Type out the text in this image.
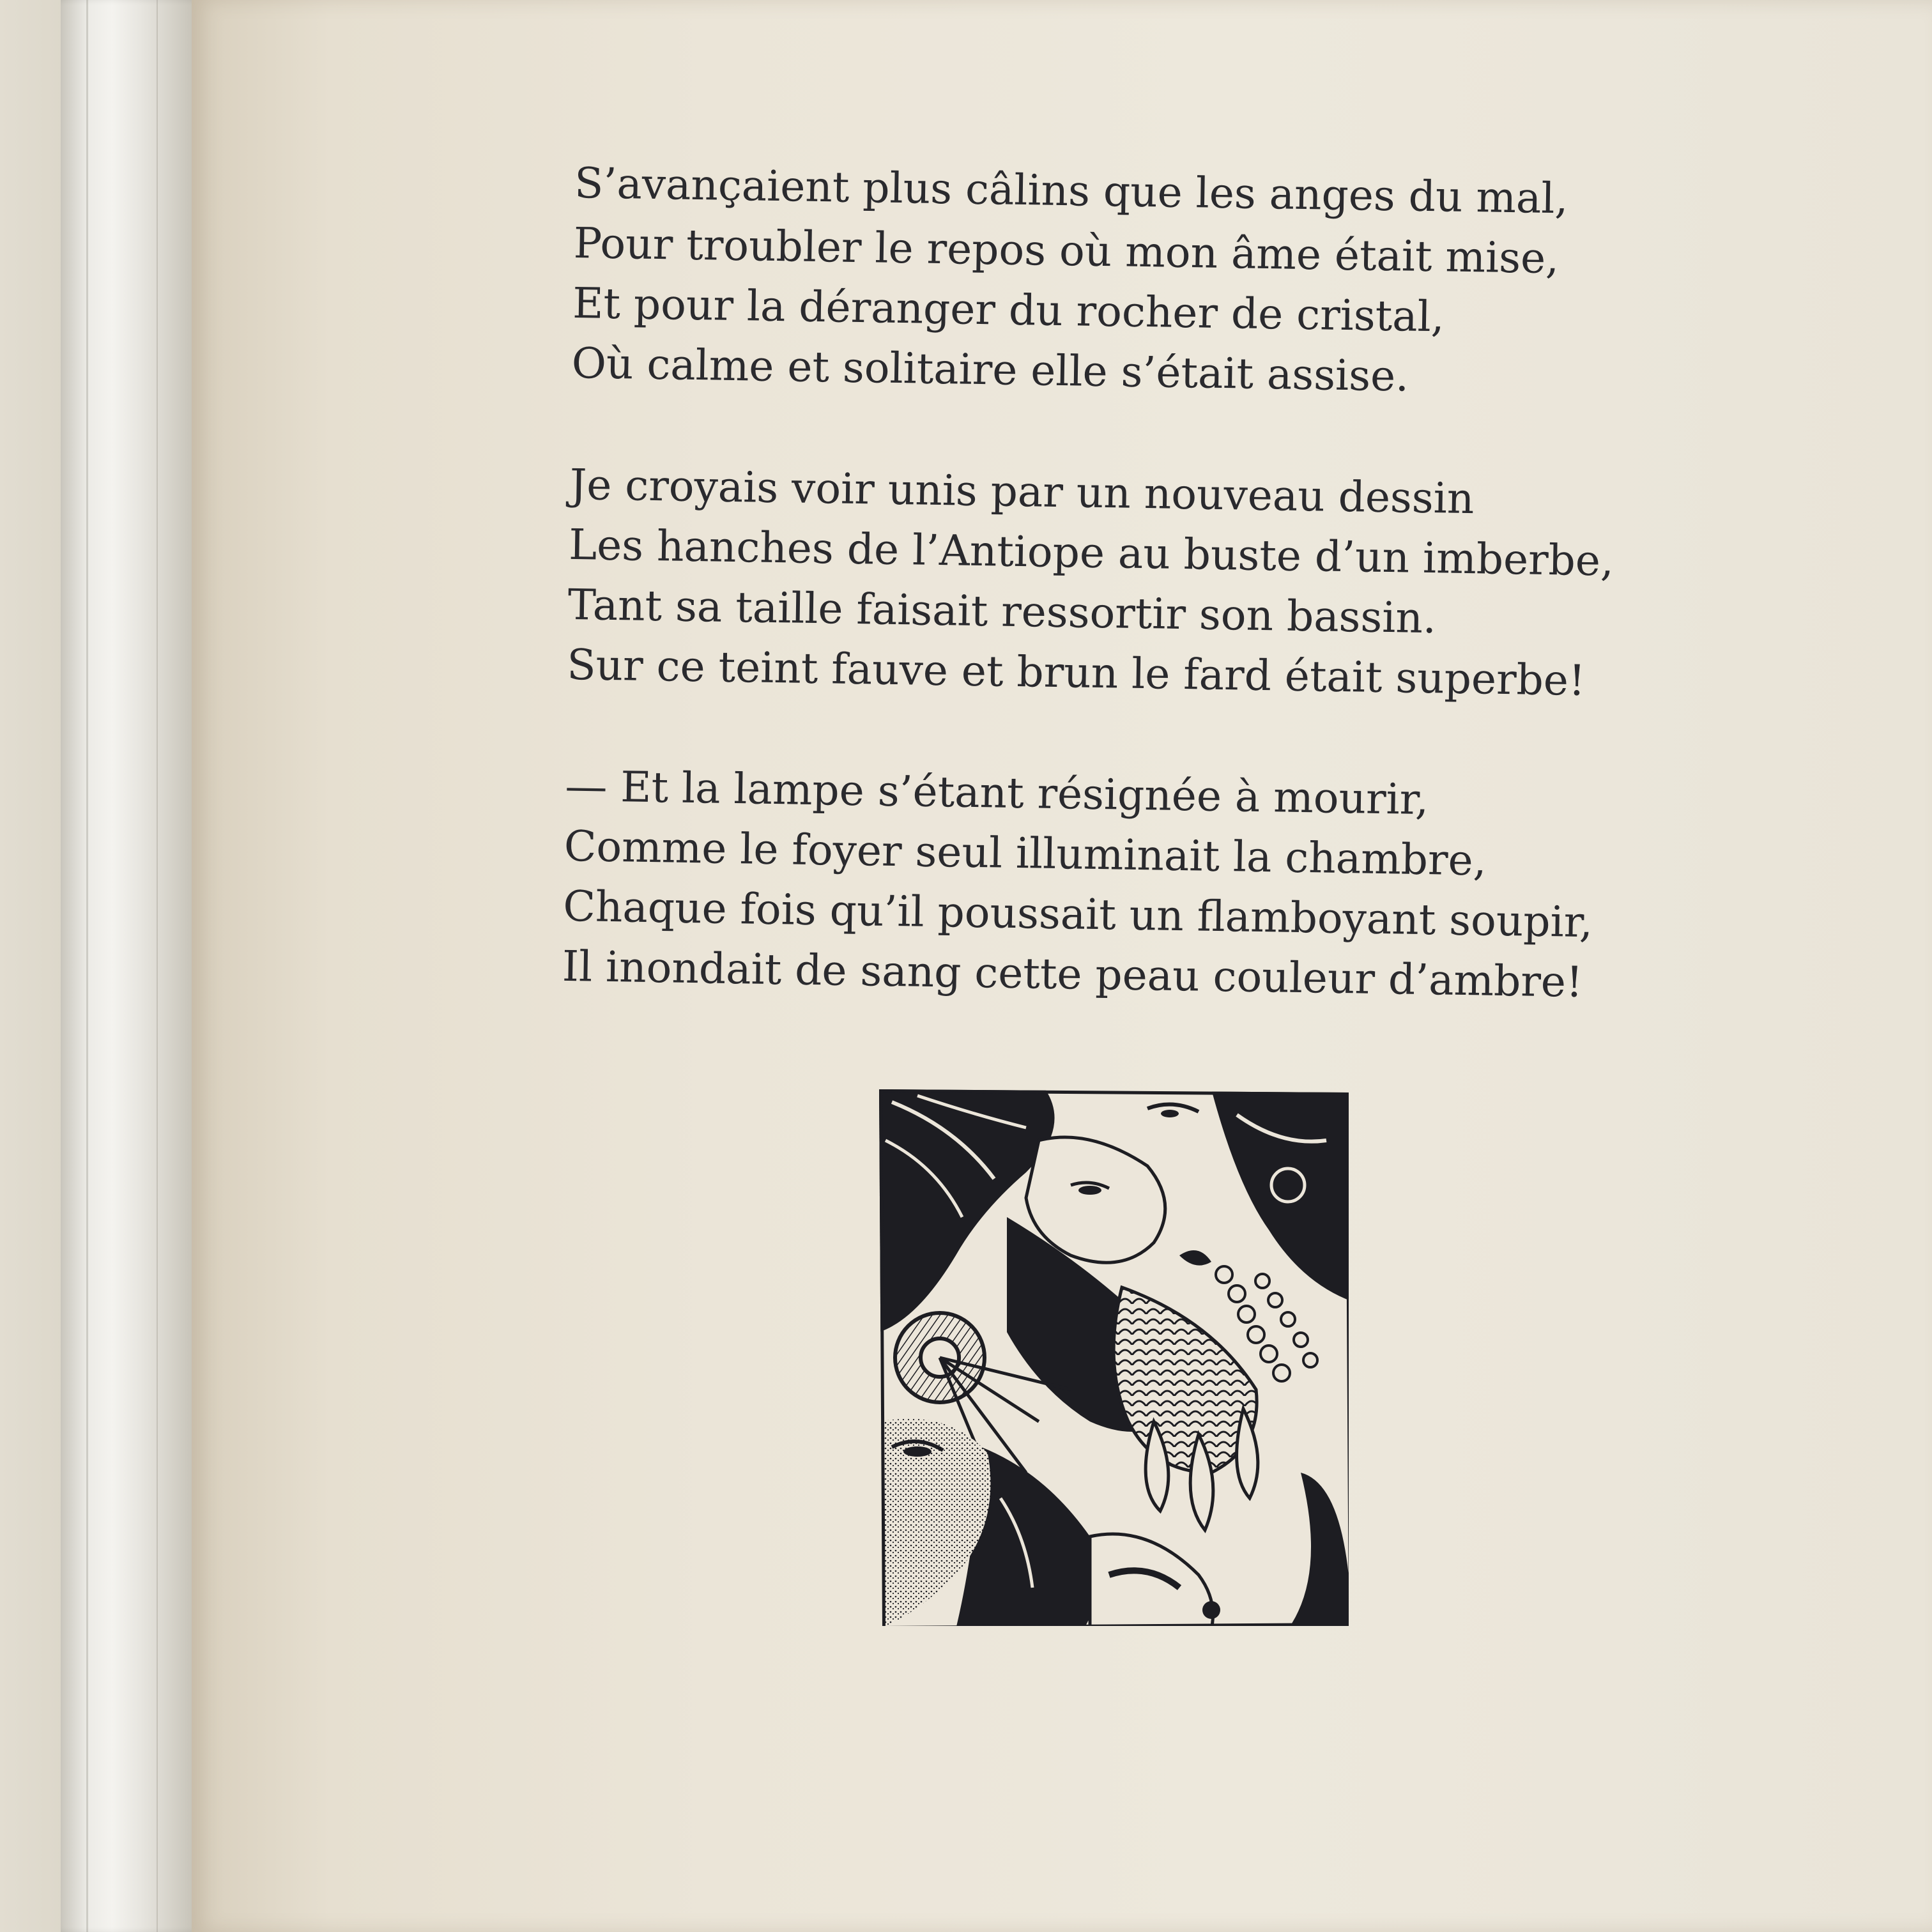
S’avançaient plus câlins que les anges du mal,
Pour troubler le repos où mon âme était mise,
Et pour la déranger du rocher de cristal,
Où calme et solitaire elle s’était assise.
Je croyais voir unis par un nouveau dessin
Les hanches de l’Antiope au buste d’un imberbe,
Tant sa taille faisait ressortir son bassin.
Sur ce teint fauve et brun le fard était superbe!
— Et la lampe s’étant résignée à mourir,
Comme le foyer seul illuminait la chambre,
Chaque fois qu’il poussait un flamboyant soupir,
Il inondait de sang cette peau couleur d’ambre!
